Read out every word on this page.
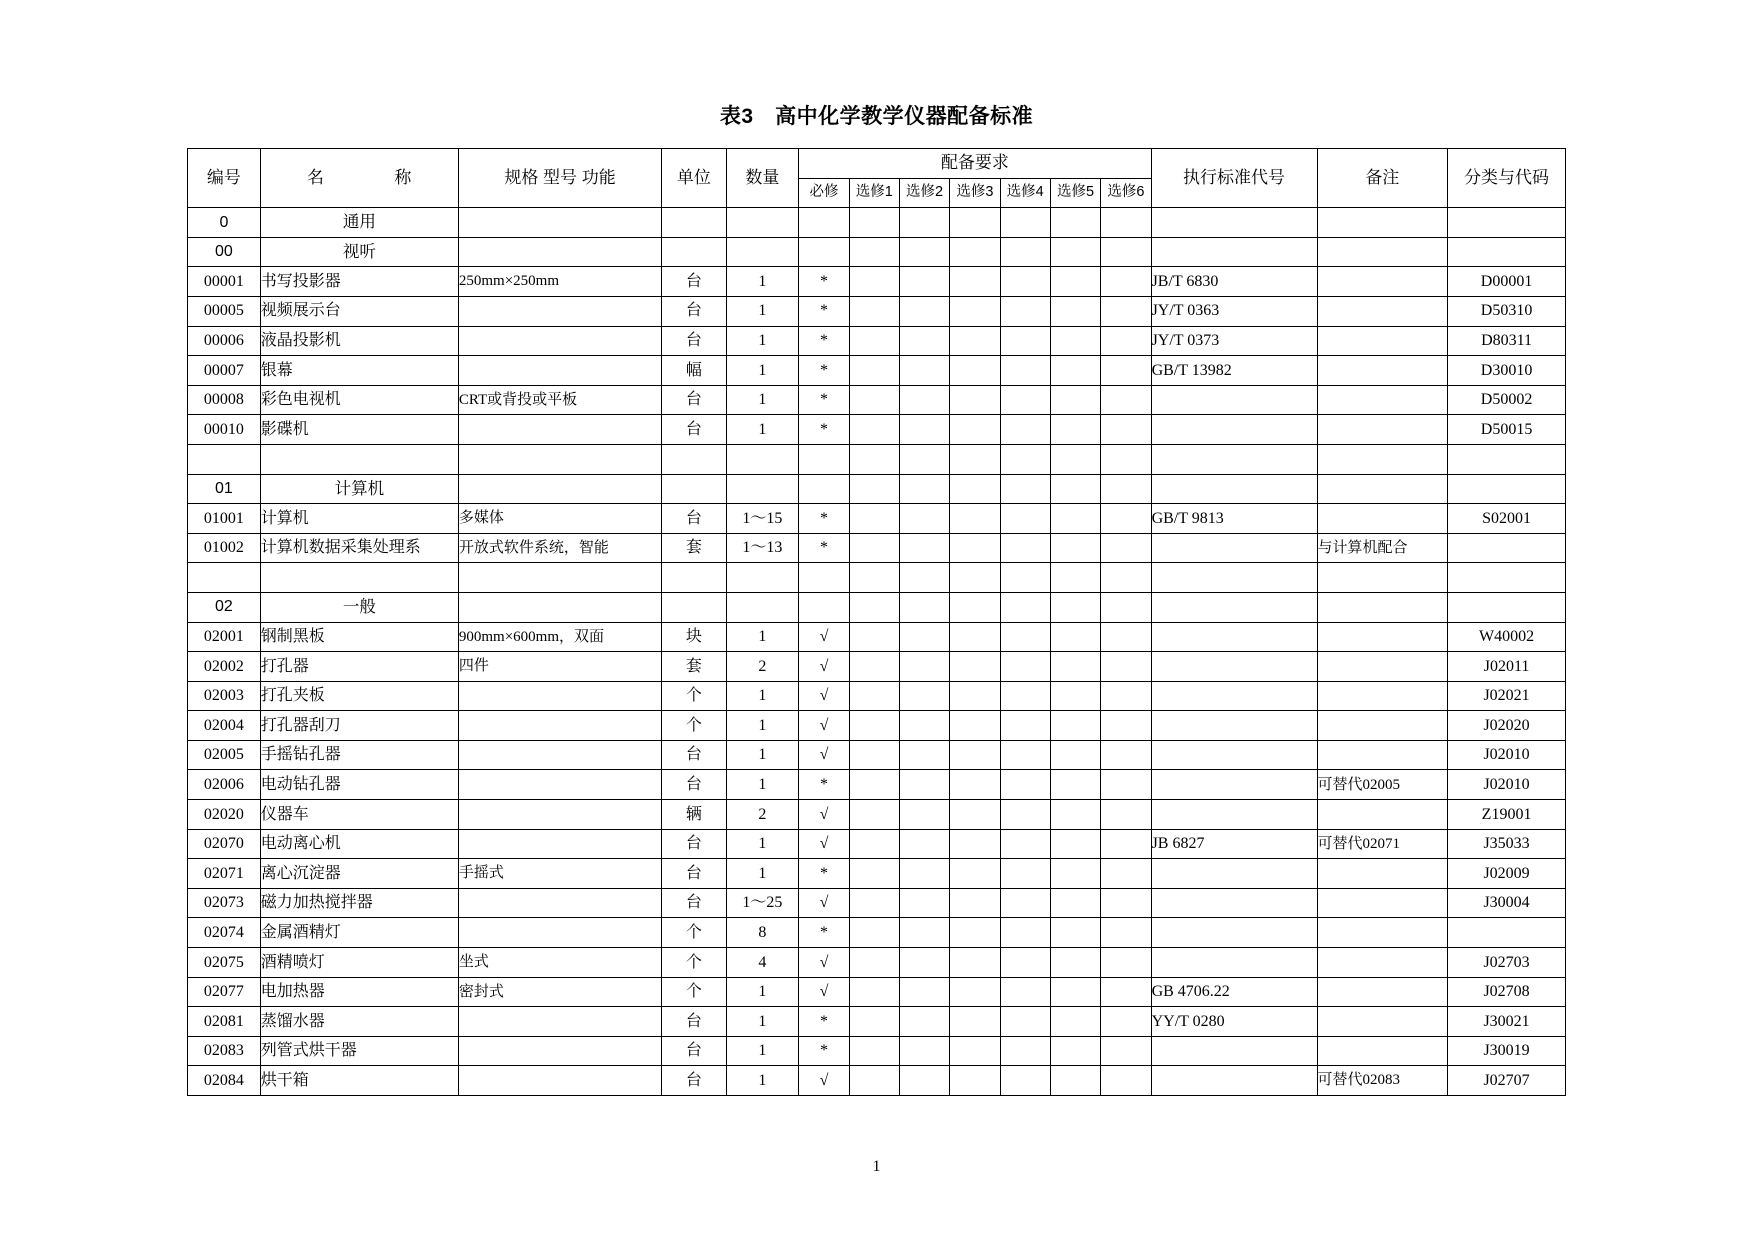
表3　高中化学教学仪器配备标准
编号	名　　　　称	规格 型号 功能	单位	数量	配备要求							执行标准代号	备注	分类与代码
					必修	选修1	选修2	选修3	选修4	选修5	选修6			
0	通用													
00	视听													
00001	书写投影器	250mm×250mm	台	1	*							JB/T 6830		D00001
00005	视频展示台		台	1	*							JY/T 0363		D50310
00006	液晶投影机		台	1	*							JY/T 0373		D80311
00007	银幕		幅	1	*							GB/T 13982		D30010
00008	彩色电视机	CRT或背投或平板	台	1	*									D50002
00010	影碟机		台	1	*									D50015

01	计算机													
01001	计算机	多媒体	台	1～15	*							GB/T 9813		S02001
01002	计算机数据采集处理系	开放式软件系统，智能	套	1～13	*								与计算机配合	

02	一般													
02001	钢制黑板	900mm×600mm，双面	块	1	√									W40002
02002	打孔器	四件	套	2	√									J02011
02003	打孔夹板		个	1	√									J02021
02004	打孔器刮刀		个	1	√									J02020
02005	手摇钻孔器		台	1	√									J02010
02006	电动钻孔器		台	1	*								可替代02005	J02010
02020	仪器车		辆	2	√									Z19001
02070	电动离心机		台	1	√							JB 6827	可替代02071	J35033
02071	离心沉淀器	手摇式	台	1	*									J02009
02073	磁力加热搅拌器		台	1～25	√									J30004
02074	金属酒精灯		个	8	*									
02075	酒精喷灯	坐式	个	4	√									J02703
02077	电加热器	密封式	个	1	√							GB 4706.22		J02708
02081	蒸馏水器		台	1	*							YY/T 0280		J30021
02083	列管式烘干器		台	1	*									J30019
02084	烘干箱		台	1	√								可替代02083	J02707
1
